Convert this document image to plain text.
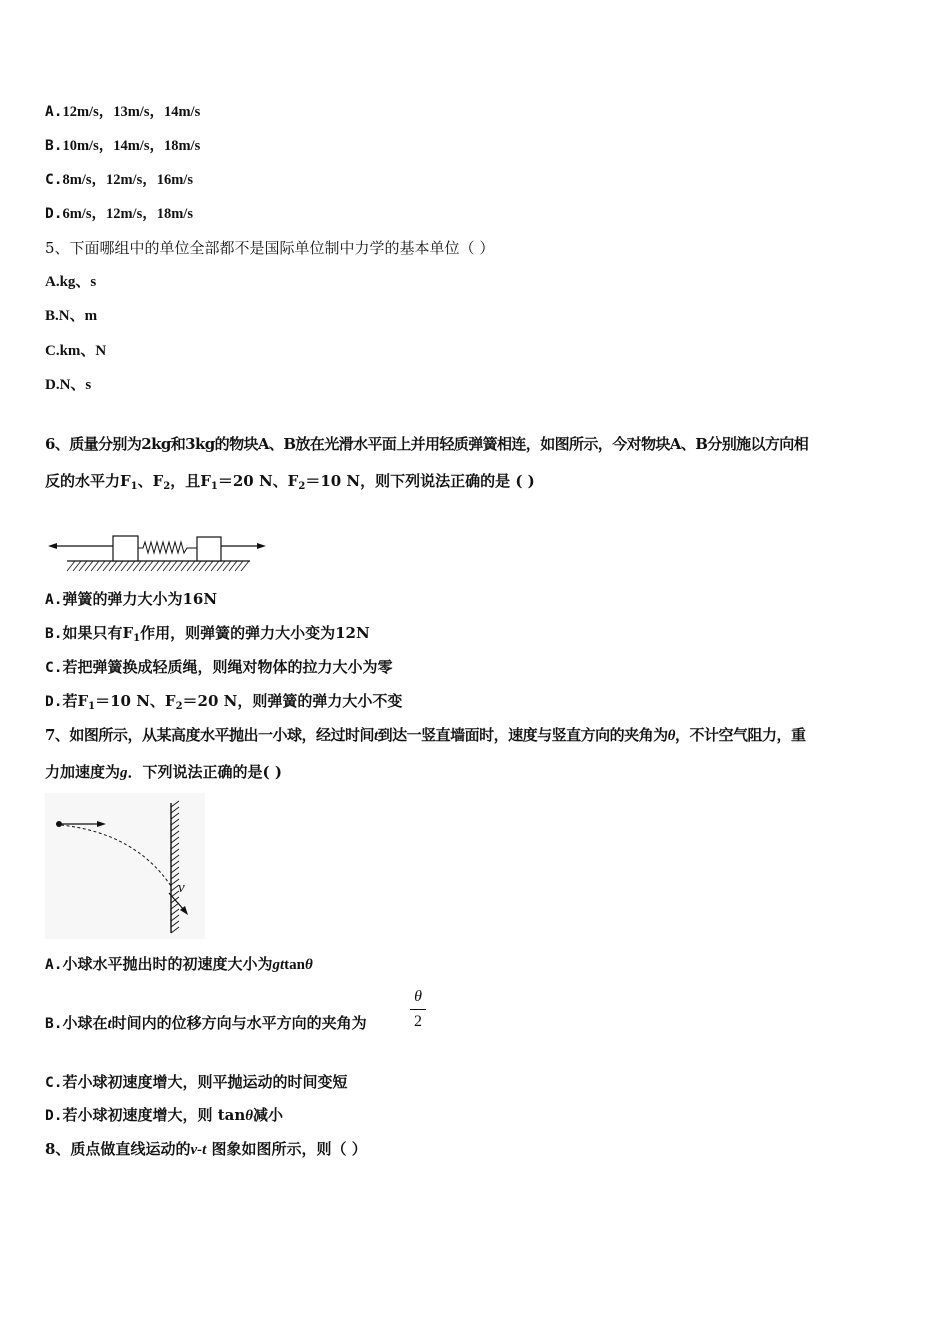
A.12m/s，13m/s，14m/s
B.10m/s，14m/s，18m/s
C.8m/s，12m/s，16m/s
D.6m/s，12m/s，18m/s
5、下面哪组中的单位全部都不是国际单位制中力学的基本单位（ ）
A.kg、s
B.N、m
C.km、N
D.N、s
6、质量分别为2kg和3kg的物块A、B放在光滑水平面上并用轻质弹簧相连，如图所示，今对物块A、B分别施以方向相
反的水平力$F_1$、$F_2$，且$F_1=20$ N、$F_2=10$ N，则下列说法正确的是 ( )
A.弹簧的弹力大小为16N
B.如果只有$F_1$作用，则弹簧的弹力大小变为12N
C.若把弹簧换成轻质绳，则绳对物体的拉力大小为零
D.若$F_1=10$ N、$F_2=20$ N，则弹簧的弹力大小不变
7、如图所示，从某高度水平抛出一小球，经过时间t到达一竖直墙面时，速度与竖直方向的夹角为θ，不计空气阻力，重
力加速度为g．下列说法正确的是( )
v
A.小球水平抛出时的初速度大小为gttanθ
B.小球在t时间内的位移方向与水平方向的夹角为
θ
2
C.若小球初速度增大，则平抛运动的时间变短
D.若小球初速度增大，则 tanθ减小
8、质点做直线运动的v-t 图象如图所示，则（ ）
